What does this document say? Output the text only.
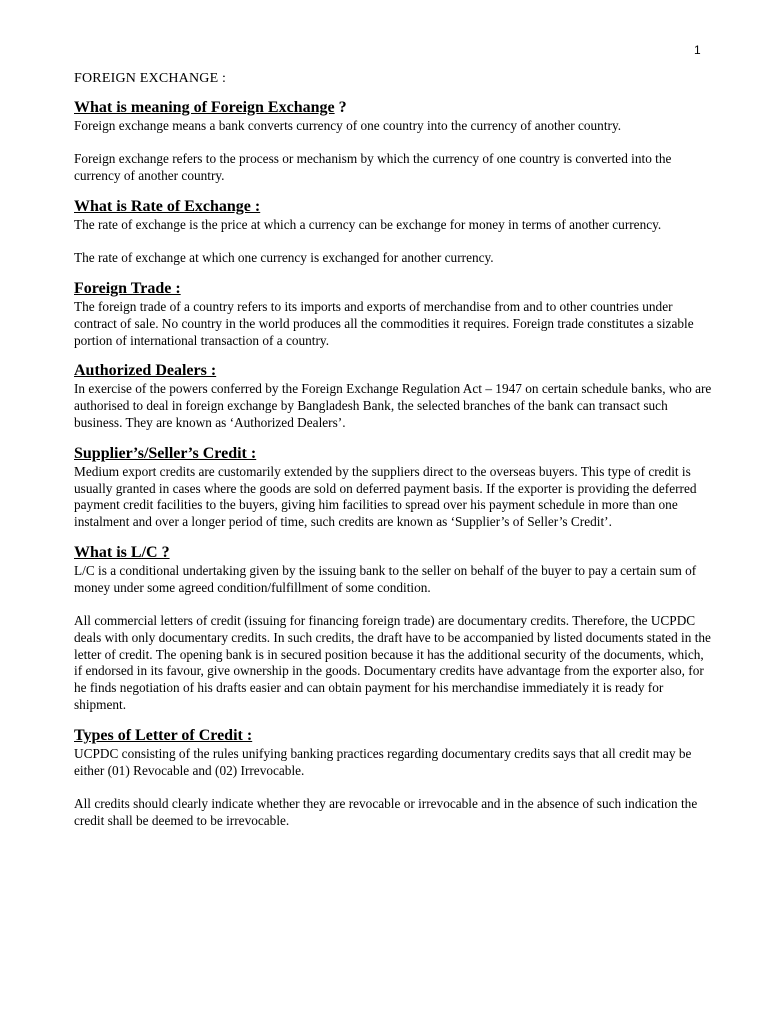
1
FOREIGN EXCHANGE :
What is meaning of Foreign Exchange ?

Foreign exchange means a bank converts currency of one country into the currency of another country.

Foreign exchange refers to the process or mechanism by which the currency of one country is converted into the currency of another country.

What is Rate of Exchange :

The rate of exchange is the price at which a currency can be exchange for money in terms of another currency.

The rate of exchange at which one currency is exchanged for another currency.

Foreign Trade :

The foreign trade of a country refers to its imports and exports of merchandise from and to other countries under contract of sale. No country in the world produces all the commodities it requires. Foreign trade constitutes a sizable portion of international transaction of a country.

Authorized Dealers :

In exercise of the powers conferred by the Foreign Exchange Regulation Act – 1947 on certain schedule banks, who are authorised to deal in foreign exchange by Bangladesh Bank, the selected branches of the bank can transact such business. They are known as ‘Authorized Dealers’.

Supplier’s/Seller’s Credit :

Medium export credits are customarily extended by the suppliers direct to the overseas buyers. This type of credit is usually granted in cases where the goods are sold on deferred payment basis. If the exporter is providing the deferred payment credit facilities to the buyers, giving him facilities to spread over his payment schedule in more than one instalment and over a longer period of time, such credits are known as ‘Supplier’s of Seller’s Credit’.

What is L/C ?

L/C is a conditional undertaking given by the issuing bank to the seller on behalf of the buyer to pay a certain sum of money under some agreed condition/fulfillment of some condition.

All commercial letters of credit (issuing for financing foreign trade) are documentary credits. Therefore, the UCPDC deals with only documentary credits. In such credits, the draft have to be accompanied by listed documents stated in the letter of credit. The opening bank is in secured position because it has the additional security of the documents, which, if endorsed in its favour, give ownership in the goods. Documentary credits have advantage from the exporter also, for he finds negotiation of his drafts easier and can obtain payment for his merchandise immediately it is ready for shipment.

Types of Letter of Credit :

UCPDC consisting of the rules unifying banking practices regarding documentary credits says that all credit may be either (01) Revocable and (02) Irrevocable.

All credits should clearly indicate whether they are revocable or irrevocable and in the absence of such indication the credit shall be deemed to be irrevocable.
